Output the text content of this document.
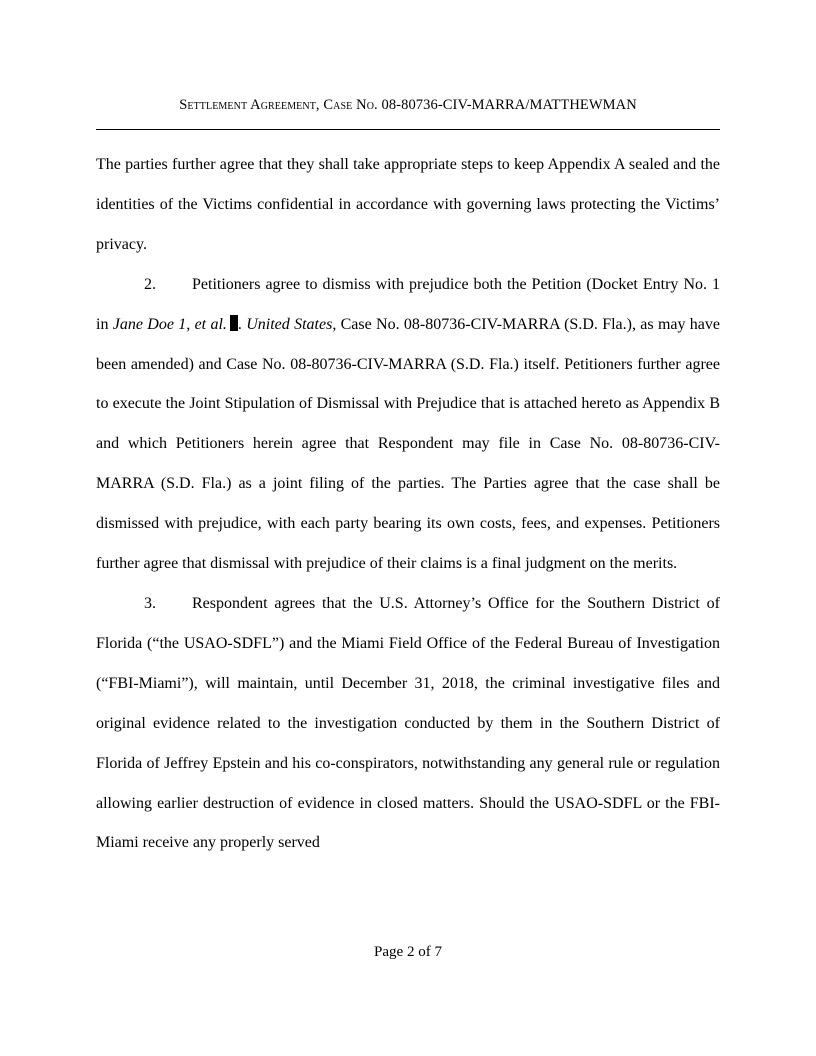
Settlement Agreement, Case No. 08-80736-CIV-MARRA/MATTHEWMAN

The parties further agree that they shall take appropriate steps to keep Appendix A sealed and the identities of the Victims confidential in accordance with governing laws protecting the Victims’ privacy.

2. Petitioners agree to dismiss with prejudice both the Petition (Docket Entry No. 1 in Jane Doe 1, et al. . United States, Case No. 08-80736-CIV-MARRA (S.D. Fla.), as may have been amended) and Case No. 08-80736-CIV-MARRA (S.D. Fla.) itself. Petitioners further agree to execute the Joint Stipulation of Dismissal with Prejudice that is attached hereto as Appendix B and which Petitioners herein agree that Respondent may file in Case No. 08-80736-CIV-MARRA (S.D. Fla.) as a joint filing of the parties. The Parties agree that the case shall be dismissed with prejudice, with each party bearing its own costs, fees, and expenses. Petitioners further agree that dismissal with prejudice of their claims is a final judgment on the merits.

3. Respondent agrees that the U.S. Attorney’s Office for the Southern District of Florida (“the USAO-SDFL”) and the Miami Field Office of the Federal Bureau of Investigation (“FBI-Miami”), will maintain, until December 31, 2018, the criminal investigative files and original evidence related to the investigation conducted by them in the Southern District of Florida of Jeffrey Epstein and his co-conspirators, notwithstanding any general rule or regulation allowing earlier destruction of evidence in closed matters. Should the USAO-SDFL or the FBI-Miami receive any properly served

Page 2 of 7
